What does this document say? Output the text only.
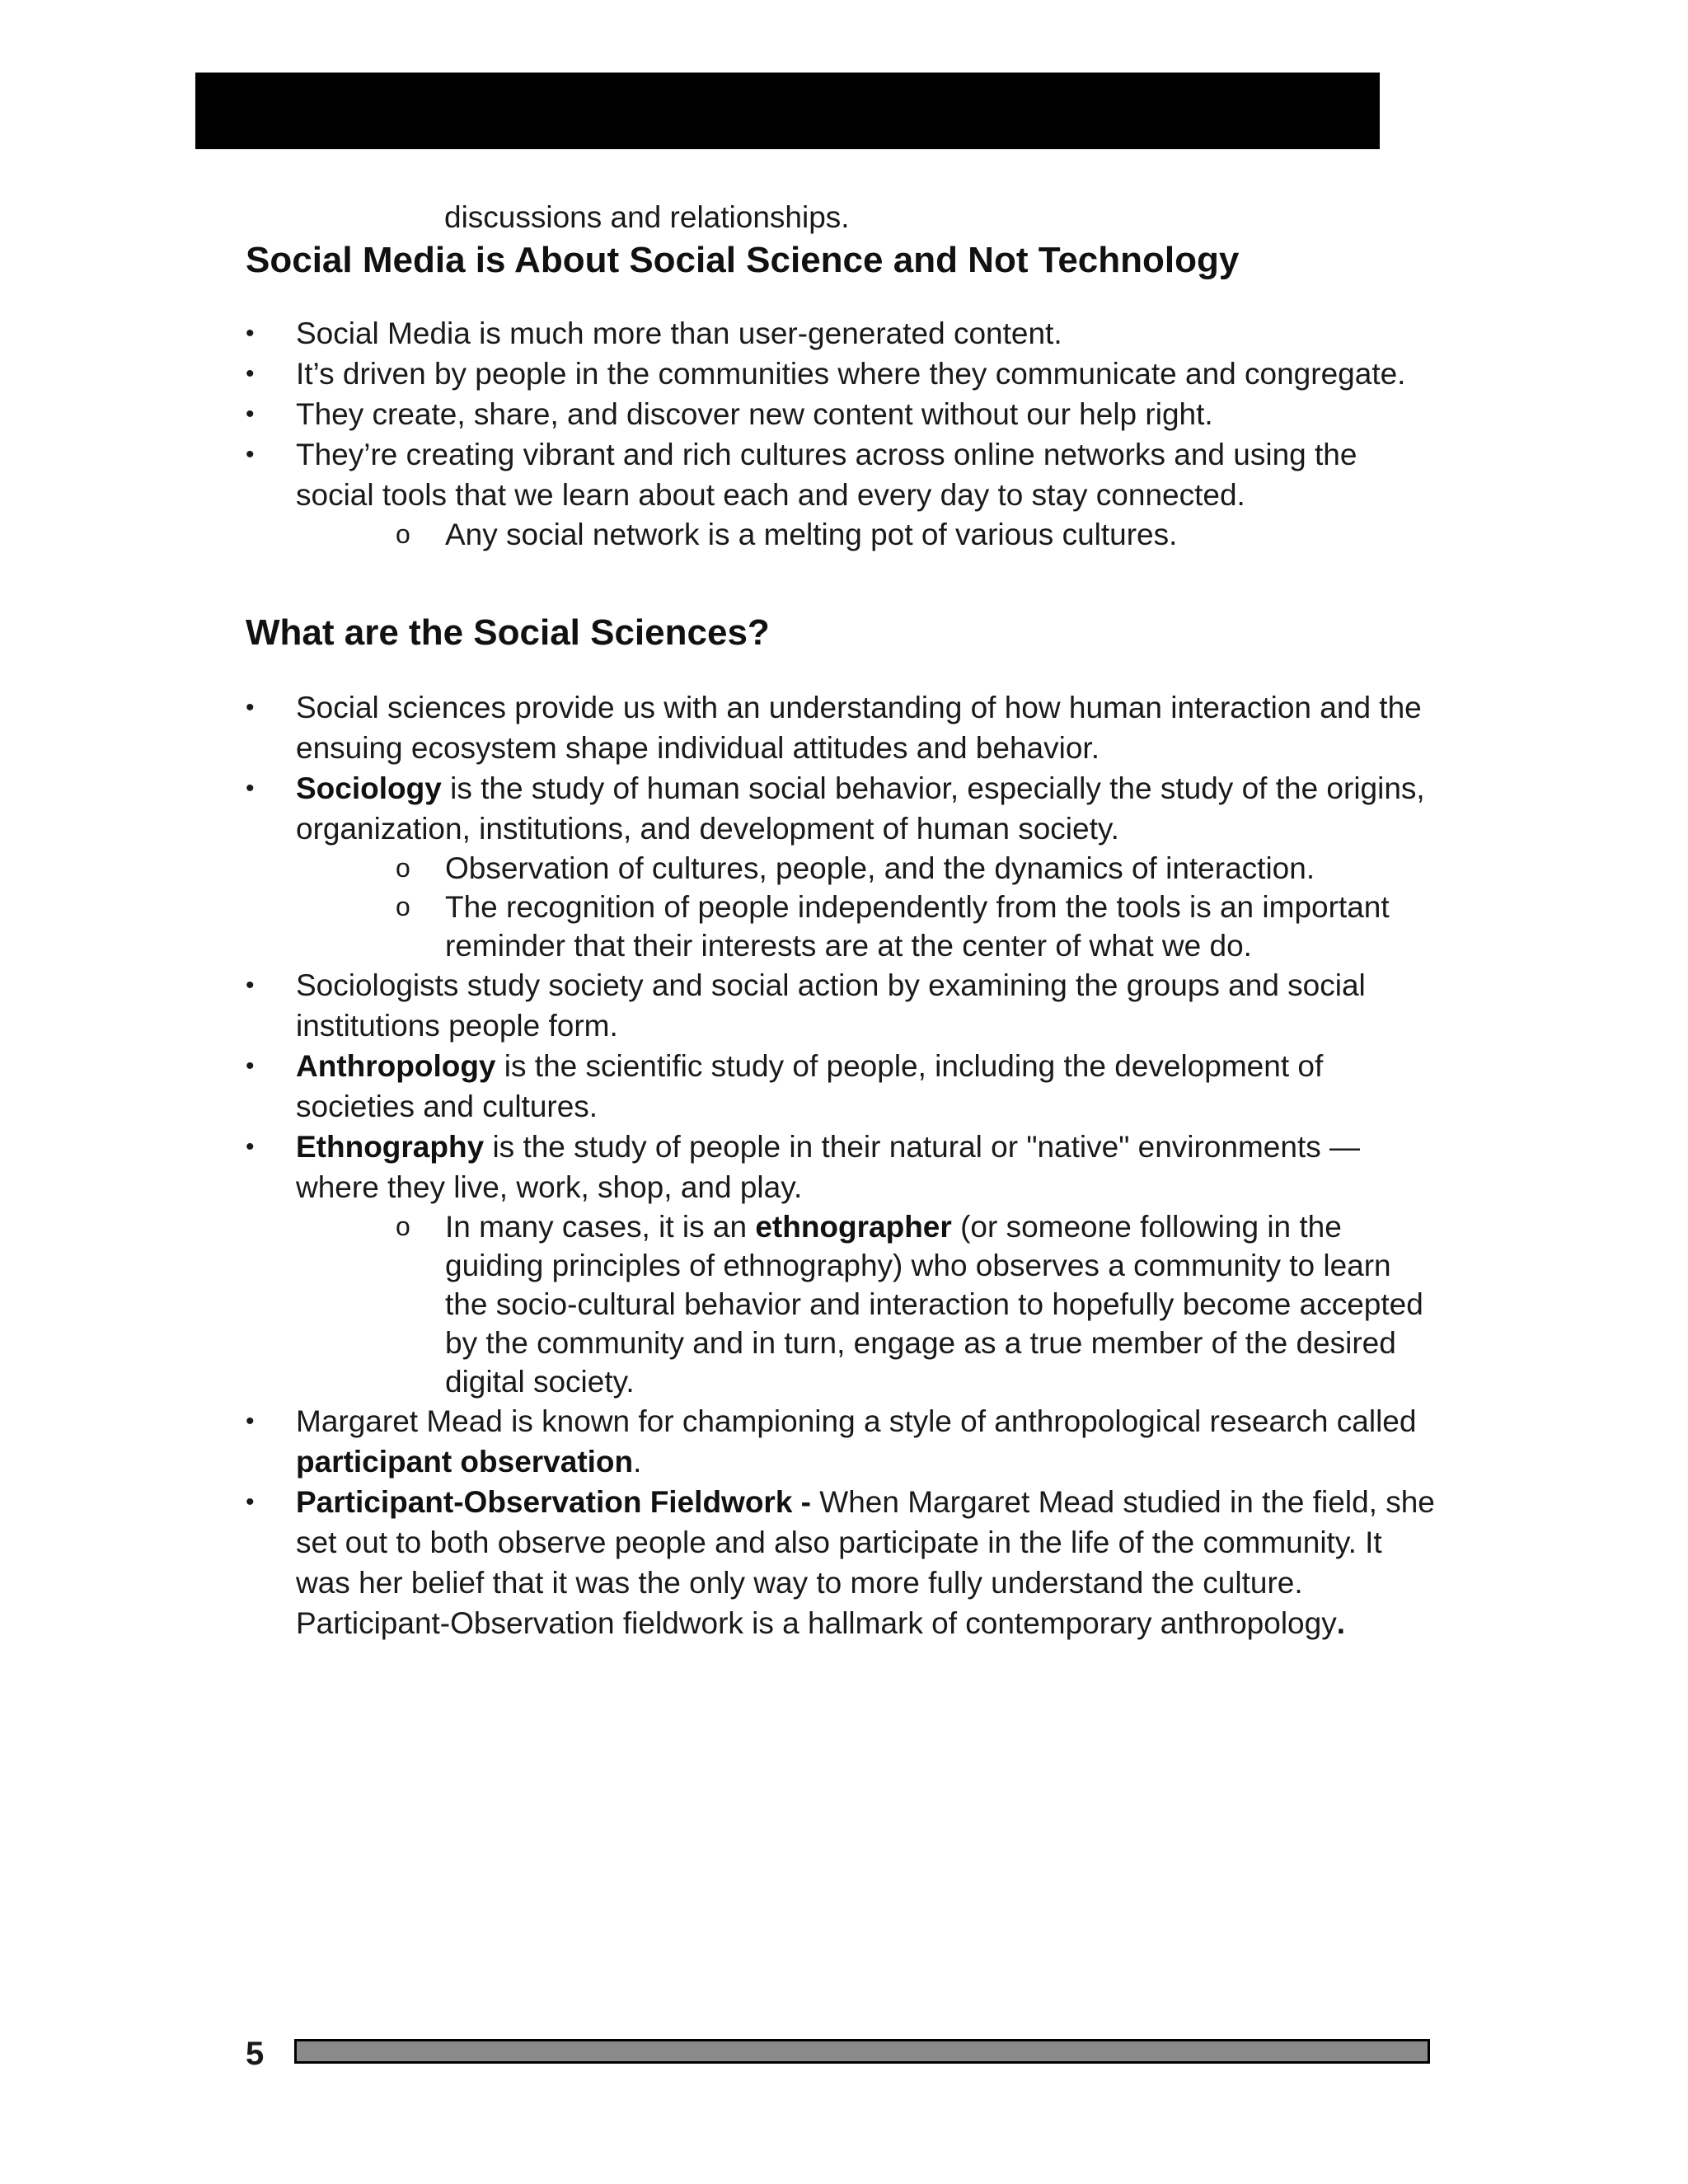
discussions and relationships.

Social Media is About Social Science and Not Technology
•	Social Media is much more than user-generated content.
•	It’s driven by people in the communities where they communicate and congregate.
•	They create, share, and discover new content without our help right.
•	They’re creating vibrant and rich cultures across online networks and using the social tools that we learn about each and every day to stay connected.
o Any social network is a melting pot of various cultures.
What are the Social Sciences?
•	Social sciences provide us with an understanding of how human interaction and the ensuing ecosystem shape individual attitudes and behavior.
•	Sociology is the study of human social behavior, especially the study of the origins, organization, institutions, and development of human society.
o Observation of cultures, people, and the dynamics of interaction.
o The recognition of people independently from the tools is an important reminder that their interests are at the center of what we do.
•	Sociologists study society and social action by examining the groups and social institutions people form.
•	Anthropology is the scientific study of people, including the development of societies and cultures.
•	Ethnography is the study of people in their natural or "native" environments —where they live, work, shop, and play.
o In many cases, it is an ethnographer (or someone following in the guiding principles of ethnography) who observes a community to learn the socio-cultural behavior and interaction to hopefully become accepted by the community and in turn, engage as a true member of the desired digital society.
•	Margaret Mead is known for championing a style of anthropological research called participant observation.
•	Participant-Observation Fieldwork - When Margaret Mead studied in the field, she set out to both observe people and also participate in the life of the community. It was her belief that it was the only way to more fully understand the culture. Participant-Observation fieldwork is a hallmark of contemporary anthropology.
5
